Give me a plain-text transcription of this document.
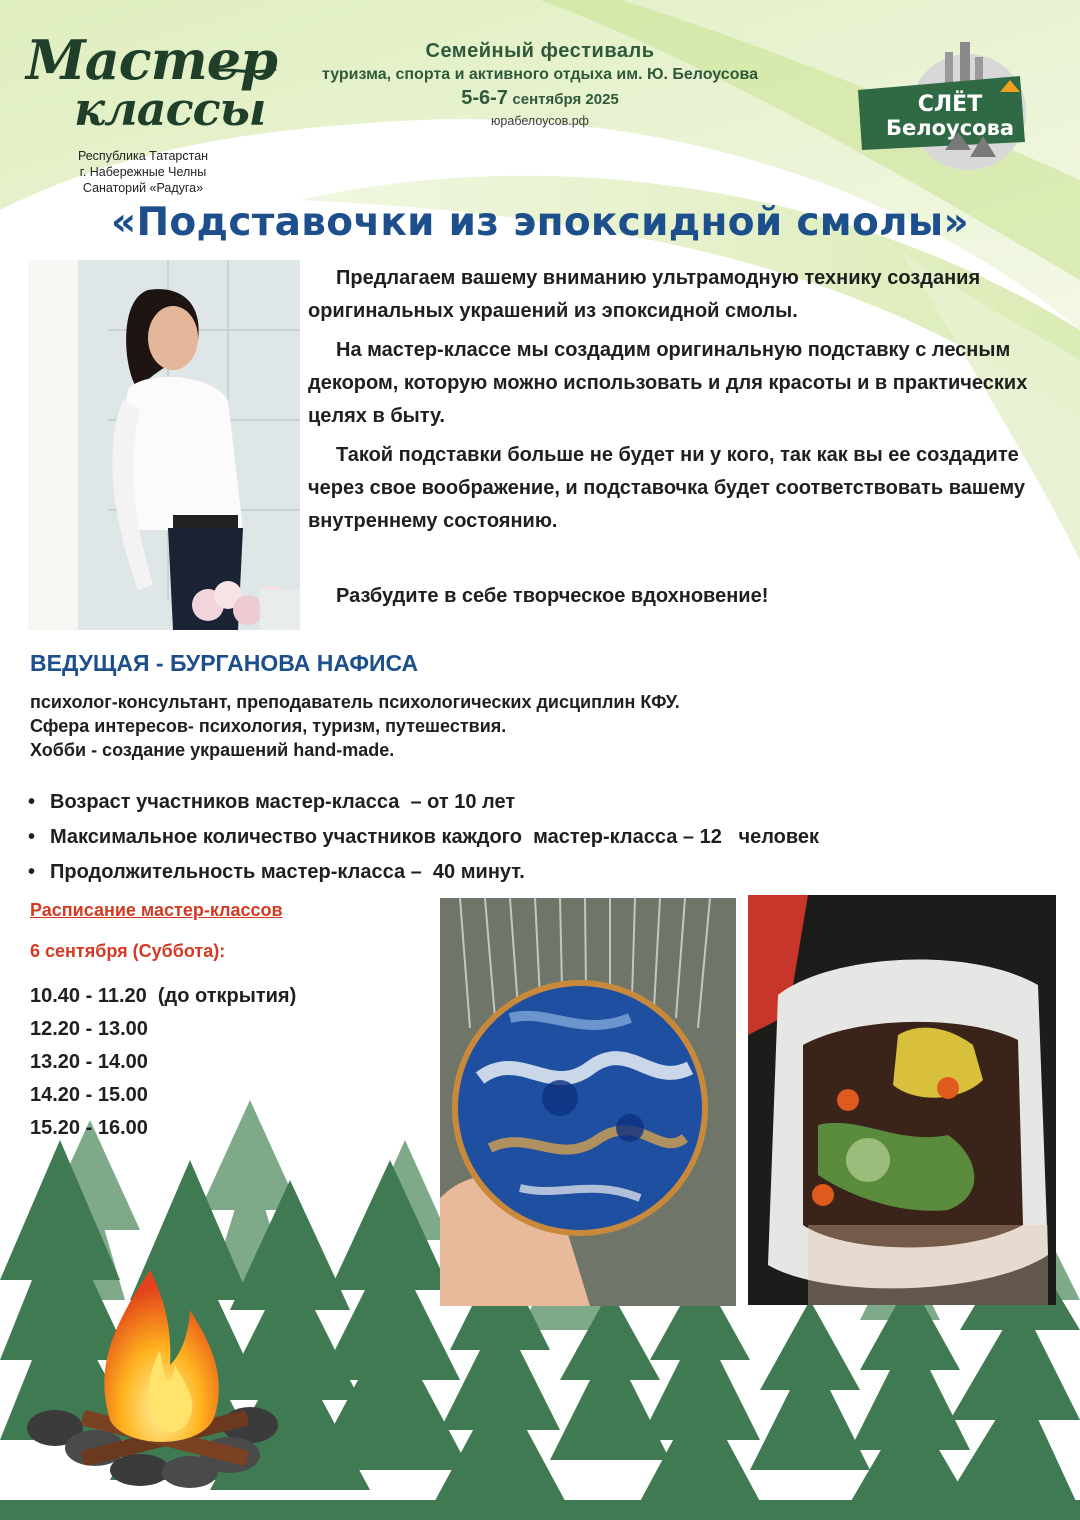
Мастер
классы
Республика Татарстан
г. Набережные Челны
Санаторий «Радуга»
Семейный фестиваль
туризма, спорта и активного отдыха им. Ю. Белоусова
5-6-7 сентября 2025
юрабелоусов.рф
СЛЁТ
Белоусова
«Подставочки из эпоксидной смолы»

Предлагаем вашему вниманию ультрамодную технику создания оригинальных украшений из эпоксидной смолы.

На мастер-классе мы создадим оригинальную подставку с лесным декором, которую можно использовать и для красоты и в практических целях в быту.

Такой подставки больше не будет ни у кого, так как вы ее создадите через свое воображение, и подставочка будет соответствовать вашему внутреннему состоянию.

Разбудите в себе творческое вдохновение!
ВЕДУЩАЯ - БУРГАНОВА НАФИСА
психолог-консультант, преподаватель психологических дисциплин КФУ.
Сфера интересов- психология, туризм, путешествия.
Хобби - создание украшений hand-made.
• Возраст участников мастер-класса  – от 10 лет
• Максимальное количество участников каждого  мастер-класса – 12   человек
• Продолжительность мастер-класса –  40 минут.
Расписание мастер-классов
6 сентября (Суббота):
10.40 - 11.20  (до открытия)
12.20 - 13.00
13.20 - 14.00
14.20 - 15.00
15.20 - 16.00
